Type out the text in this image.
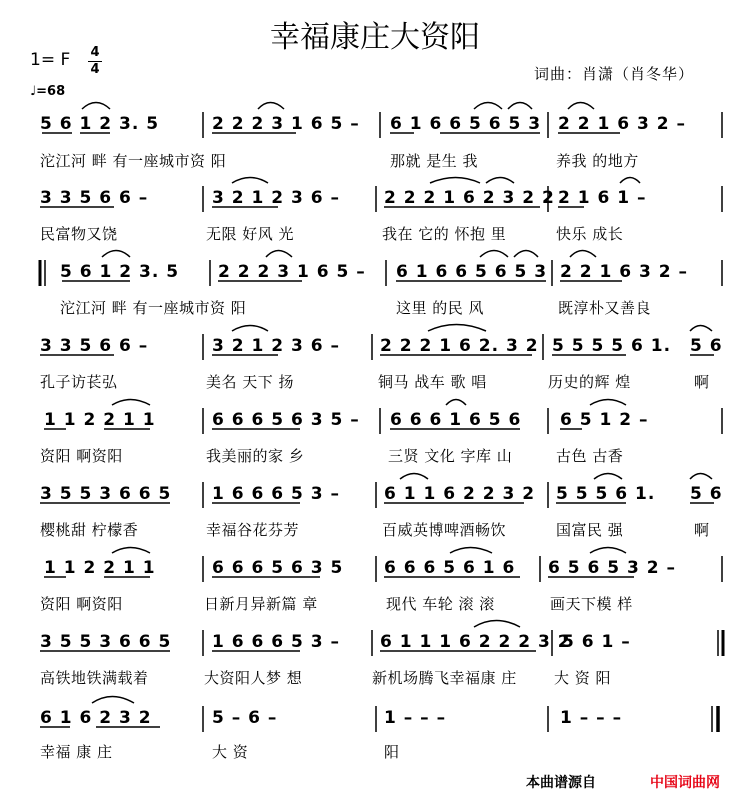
幸福康庄大资阳
1= F 4
4
♩=68
词曲：肖潇（肖冬华）
5 6 1 2 3. 5	2 2 2 3 1 6 5 – 6 1 6 6 5 6 5 3 2 2 1 6 3 2 –
沱江河 畔 有一座城市资 阳	那就 是生 我	养我 的地方
3 3 5 6 6 –	3 2 1 2 3 6 –	2 2 2 1 6 2 3 2 2 2 1 6 1 –
民富物又饶	无限 好风 光	我在 它的 怀抱 里	快乐 成长
5 6 1 2 3. 5 2 2 2 3 1 6 5 – 6 1 6 6 5 6 5 3 2 2 1 6 3 2 –
沱江河 畔 有一座城市资 阳	这里 的民 风	既淳朴又善良
3 3 5 6 6 –	3 2 1 2 3 6 – 2 2 2 1 6 2. 3 2 5 5 5 5 6 1. 5 6
孔子访苌弘	美名 天下 扬	铜马 战车 歌 唱	历史的辉 煌	啊
1 1 2 2 1 1	6 6 6 5 6 3 5 – 6 6 6 1 6 5 6 6 5 1 2 –
资阳 啊资阳	我美丽的家 乡	三贤 文化 字库 山	古色 古香
3 5 5 3 6 6 5 1 6 6 6 5 3 –	6 1 1 6 2 2 3 2 5 5 5 6 1. 5 6
樱桃甜 柠檬香	幸福谷花芬芳	百威英博啤酒畅饮	国富民 强	啊
1 1 2 2 1 1	6 6 6 5 6 3 5 6 6 6 5 6 1 6 6 5 6 5 3 2 –
资阳 啊资阳	日新月异新篇 章	现代 车轮 滚 滚	画天下模 样
3 5 5 3 6 6 5 1 6 6 6 5 3 – 6 1 1 1 6 2 2 2 3 2
5 6 1 –
高铁地铁满载着	大资阳人梦 想	新机场腾飞幸福康 庄 大 资 阳
6 1 6 2 3 2	5 – 6 –	1 – – –	1 – – –
幸福 康 庄	大 资	阳
本曲谱源自	中国词曲网
